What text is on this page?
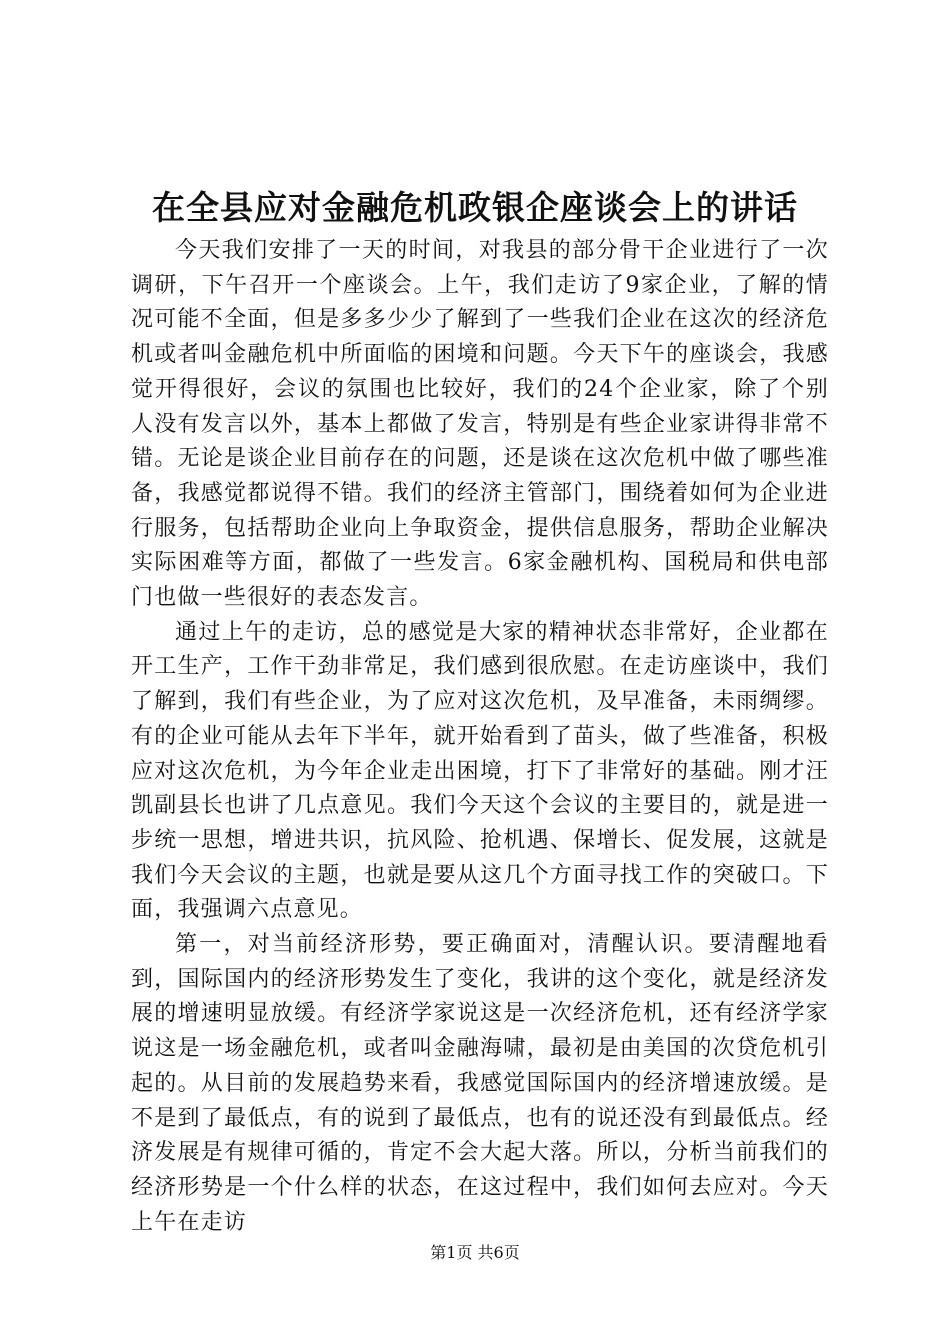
在全县应对金融危机政银企座谈会上的讲话

今天我们安排了一天的时间，对我县的部分骨干企业进行了一次调研，下午召开一个座谈会。上午，我们走访了9家企业，了解的情况可能不全面，但是多多少少了解到了一些我们企业在这次的经济危机或者叫金融危机中所面临的困境和问题。今天下午的座谈会，我感觉开得很好，会议的氛围也比较好，我们的24个企业家，除了个别人没有发言以外，基本上都做了发言，特别是有些企业家讲得非常不错。无论是谈企业目前存在的问题，还是谈在这次危机中做了哪些准备，我感觉都说得不错。我们的经济主管部门，围绕着如何为企业进行服务，包括帮助企业向上争取资金，提供信息服务，帮助企业解决实际困难等方面，都做了一些发言。6家金融机构、国税局和供电部门也做一些很好的表态发言。

通过上午的走访，总的感觉是大家的精神状态非常好，企业都在开工生产，工作干劲非常足，我们感到很欣慰。在走访座谈中，我们了解到，我们有些企业，为了应对这次危机，及早准备，未雨绸缪。有的企业可能从去年下半年，就开始看到了苗头，做了些准备，积极应对这次危机，为今年企业走出困境，打下了非常好的基础。刚才汪凯副县长也讲了几点意见。我们今天这个会议的主要目的，就是进一步统一思想，增进共识，抗风险、抢机遇、保增长、促发展，这就是我们今天会议的主题，也就是要从这几个方面寻找工作的突破口。下面，我强调六点意见。

第一，对当前经济形势，要正确面对，清醒认识。要清醒地看到，国际国内的经济形势发生了变化，我讲的这个变化，就是经济发展的增速明显放缓。有经济学家说这是一次经济危机，还有经济学家说这是一场金融危机，或者叫金融海啸，最初是由美国的次贷危机引起的。从目前的发展趋势来看，我感觉国际国内的经济增速放缓。是不是到了最低点，有的说到了最低点，也有的说还没有到最低点。经济发展是有规律可循的，肯定不会大起大落。所以，分析当前我们的经济形势是一个什么样的状态，在这过程中，我们如何去应对。今天上午在走访

第1页 共6页
